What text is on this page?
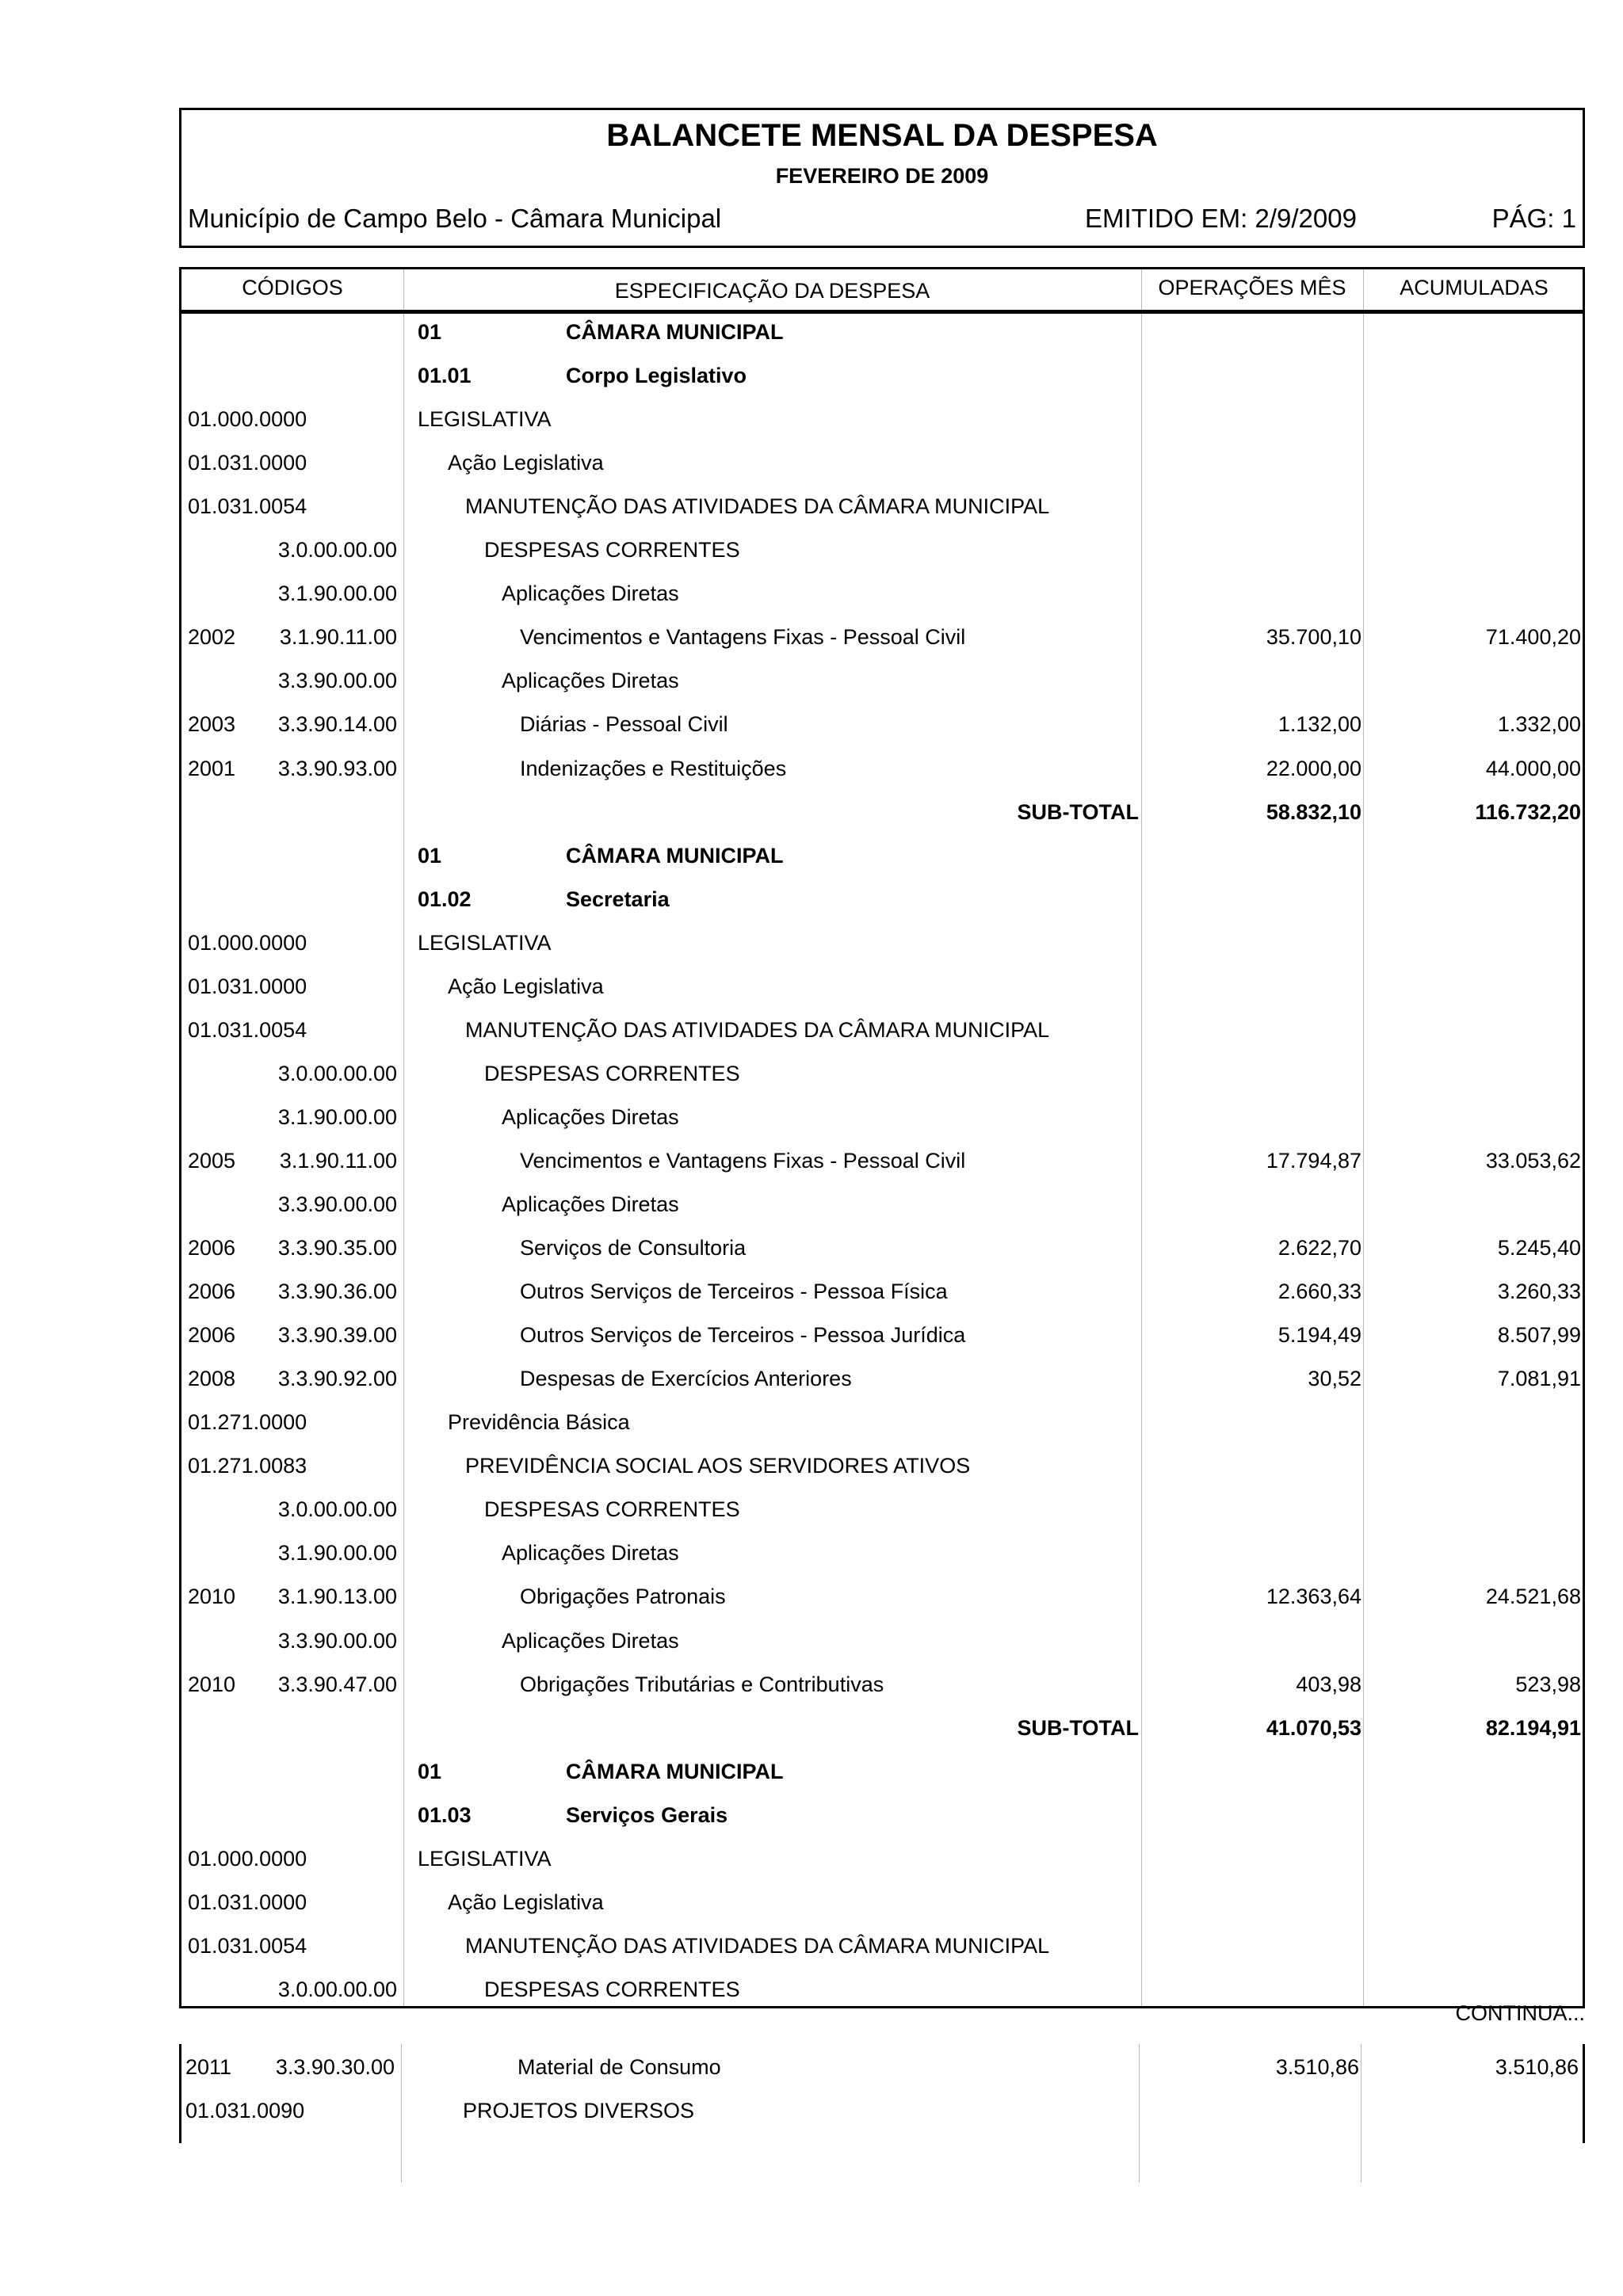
BALANCETE MENSAL DA DESPESA
FEVEREIRO DE 2009
Município de Campo Belo - Câmara Municipal	EMITIDO EM: 2/9/2009	PÁG: 1
CÓDIGOS	ESPECIFICAÇÃO DA DESPESA	OPERAÇÕES MÊS	ACUMULADAS
01	CÂMARA MUNICIPAL
01.01	Corpo Legislativo
01.000.0000	LEGISLATIVA
01.031.0000	Ação Legislativa
01.031.0054	MANUTENÇÃO DAS ATIVIDADES DA CÂMARA MUNICIPAL
3.0.00.00.00	DESPESAS CORRENTES
3.1.90.00.00	Aplicações Diretas
2002	3.1.90.11.00	Vencimentos e Vantagens Fixas - Pessoal Civil	35.700,10	71.400,20
3.3.90.00.00	Aplicações Diretas
2003	3.3.90.14.00	Diárias - Pessoal Civil	1.132,00	1.332,00
2001	3.3.90.93.00	Indenizações e Restituições	22.000,00	44.000,00
SUB-TOTAL	58.832,10	116.732,20
01	CÂMARA MUNICIPAL
01.02	Secretaria
01.000.0000	LEGISLATIVA
01.031.0000	Ação Legislativa
01.031.0054	MANUTENÇÃO DAS ATIVIDADES DA CÂMARA MUNICIPAL
3.0.00.00.00	DESPESAS CORRENTES
3.1.90.00.00	Aplicações Diretas
2005	3.1.90.11.00	Vencimentos e Vantagens Fixas - Pessoal Civil	17.794,87	33.053,62
3.3.90.00.00	Aplicações Diretas
2006	3.3.90.35.00	Serviços de Consultoria	2.622,70	5.245,40
2006	3.3.90.36.00	Outros Serviços de Terceiros - Pessoa Física	2.660,33	3.260,33
2006	3.3.90.39.00	Outros Serviços de Terceiros - Pessoa Jurídica	5.194,49	8.507,99
2008	3.3.90.92.00	Despesas de Exercícios Anteriores	30,52	7.081,91
01.271.0000	Previdência Básica
01.271.0083	PREVIDÊNCIA SOCIAL AOS SERVIDORES ATIVOS
3.0.00.00.00	DESPESAS CORRENTES
3.1.90.00.00	Aplicações Diretas
2010	3.1.90.13.00	Obrigações Patronais	12.363,64	24.521,68
3.3.90.00.00	Aplicações Diretas
2010	3.3.90.47.00	Obrigações Tributárias e Contributivas	403,98	523,98
SUB-TOTAL	41.070,53	82.194,91
01	CÂMARA MUNICIPAL
01.03	Serviços Gerais
01.000.0000	LEGISLATIVA
01.031.0000	Ação Legislativa
01.031.0054	MANUTENÇÃO DAS ATIVIDADES DA CÂMARA MUNICIPAL
3.0.00.00.00	DESPESAS CORRENTES
CONTINUA...
2011	3.3.90.30.00	Material de Consumo	3.510,86	3.510,86
01.031.0090	PROJETOS DIVERSOS
